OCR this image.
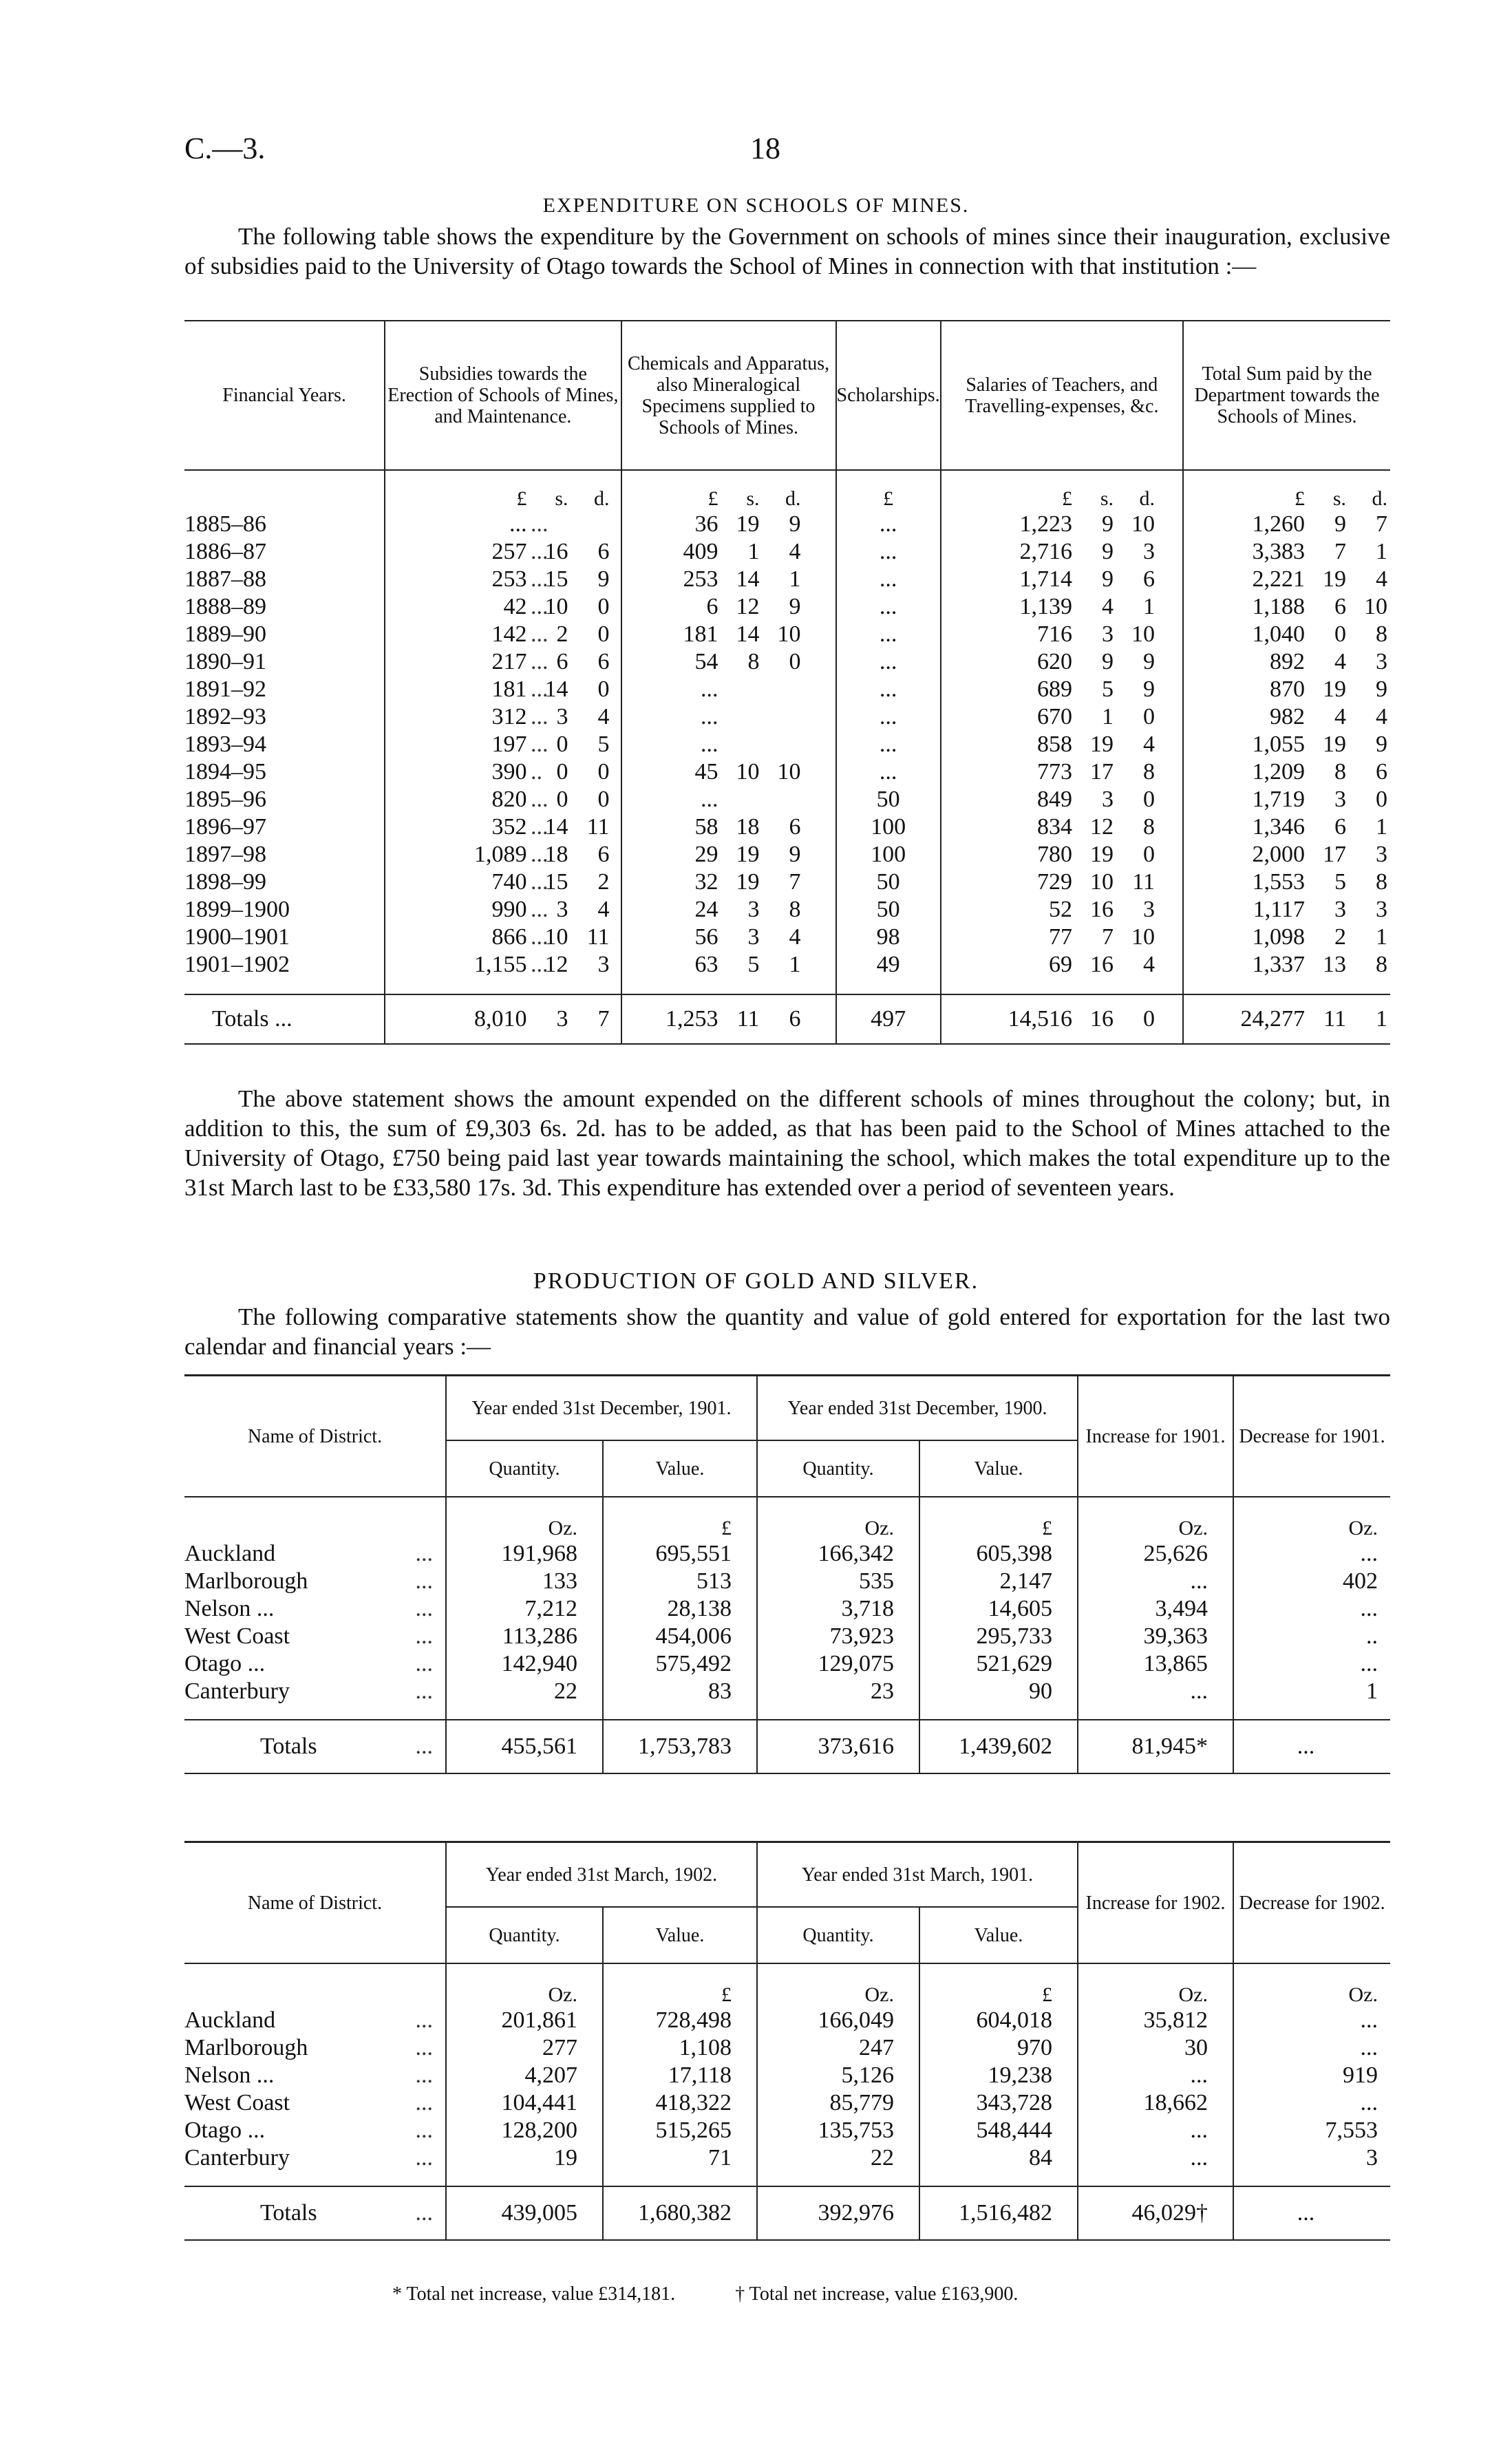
C.—3.	18
EXPENDITURE ON SCHOOLS OF MINES.
The following table shows the expenditure by the Government on schools of mines since their inauguration, exclusive of subsidies paid to the University of Otago towards the School of Mines in connection with that institution :—
Financial Years.	Subsidies towards the Erection of Schools of Mines, and Maintenance.	Chemicals and Apparatus, also Mineralogical Specimens supplied to Schools of Mines.	Scholarships.	Salaries of Teachers, and Travelling-expenses, &c.	Total Sum paid by the Department towards the Schools of Mines.

	£ s. d.	£ s. d.	£	£ s. d.	£ s. d.

1885–86 ...	...	36 19 9	...	1,223 9 10	1,260 9 7

1886–87 ...	257 16 6	409 1 4	...	2,716 9 3	3,383 7 1

1887–88 ...	253 15 9	253 14 1	...	1,714 9 6	2,221 19 4

1888–89 ...	42 10 0	6 12 9	...	1,139 4 1	1,188 6 10

1889–90 ...	142 2 0	181 14 10	...	716 3 10	1,040 0 8

1890–91 ...	217 6 6	54 8 0	...	620 9 9	892 4 3

1891–92 ...	181 14 0	...	...	689 5 9	870 19 9

1892–93 ...	312 3 4	...	...	670 1 0	982 4 4

1893–94 ...	197 0 5	...	...	858 19 4	1,055 19 9

1894–95 ..	390 0 0	45 10 10	...	773 17 8	1,209 8 6

1895–96 ...	820 0 0	...	50	849 3 0	1,719 3 0

1896–97 ...	352 14 11	58 18 6	100	834 12 8	1,346 6 1

1897–98 ...	1,089 18 6	29 19 9	100	780 19 0	2,000 17 3

1898–99 ...	740 15 2	32 19 7	50	729 10 11	1,553 5 8

1899–1900 ...	990 3 4	24 3 8	50	52 16 3	1,117 3 3

1900–1901 ...	866 10 11	56 3 4	98	77 7 10	1,098 2 1

1901–1902 ...	1,155 12 3	63 5 1	49	69 16 4	1,337 13 8

Totals ...	8,010 3 7	1,253 11 6	497	14,516 16 0	24,277 11 1
The above statement shows the amount expended on the different schools of mines throughout the colony; but, in addition to this, the sum of £9,303 6s. 2d. has to be added, as that has been paid to the School of Mines attached to the University of Otago, £750 being paid last year towards maintaining the school, which makes the total expenditure up to the 31st March last to be £33,580 17s. 3d. This expenditure has extended over a period of seventeen years.
PRODUCTION OF GOLD AND SILVER.
The following comparative statements show the quantity and value of gold entered for exportation for the last two calendar and financial years :—
Name of District.	Year ended 31st December, 1901.		Year ended 31st December, 1900.		Increase for 1901.	Decrease for 1901.
	Quantity.	Value.	Quantity.	Value.		
	Oz.	£	Oz.	£	Oz.	Oz.
Auckland ...	191,968	695,551	166,342	605,398	25,626	...
Marlborough ...	133	513	535	2,147	...	402
Nelson ... ...	7,212	28,138	3,718	14,605	3,494	...
West Coast ...	113,286	454,006	73,923	295,733	39,363	..
Otago ... ...	142,940	575,492	129,075	521,629	13,865	...
Canterbury ...	22	83	23	90	...	1

Totals ...	455,561	1,753,783	373,616	1,439,602	81,945*	...
Name of District.	Year ended 31st March, 1902.		Year ended 31st March, 1901.		Increase for 1902.	Decrease for 1902.
	Quantity.	Value.	Quantity.	Value.		
	Oz.	£	Oz.	£	Oz.	Oz.
Auckland ...	201,861	728,498	166,049	604,018	35,812	...
Marlborough ...	277	1,108	247	970	30	...
Nelson ... ...	4,207	17,118	5,126	19,238	...	919
West Coast ...	104,441	418,322	85,779	343,728	18,662	...
Otago ... ...	128,200	515,265	135,753	548,444	...	7,553
Canterbury ...	19	71	22	84	...	3

Totals ...	439,005	1,680,382	392,976	1,516,482	46,029†	...
* Total net increase, value £314,181.	† Total net increase, value £163,900.
